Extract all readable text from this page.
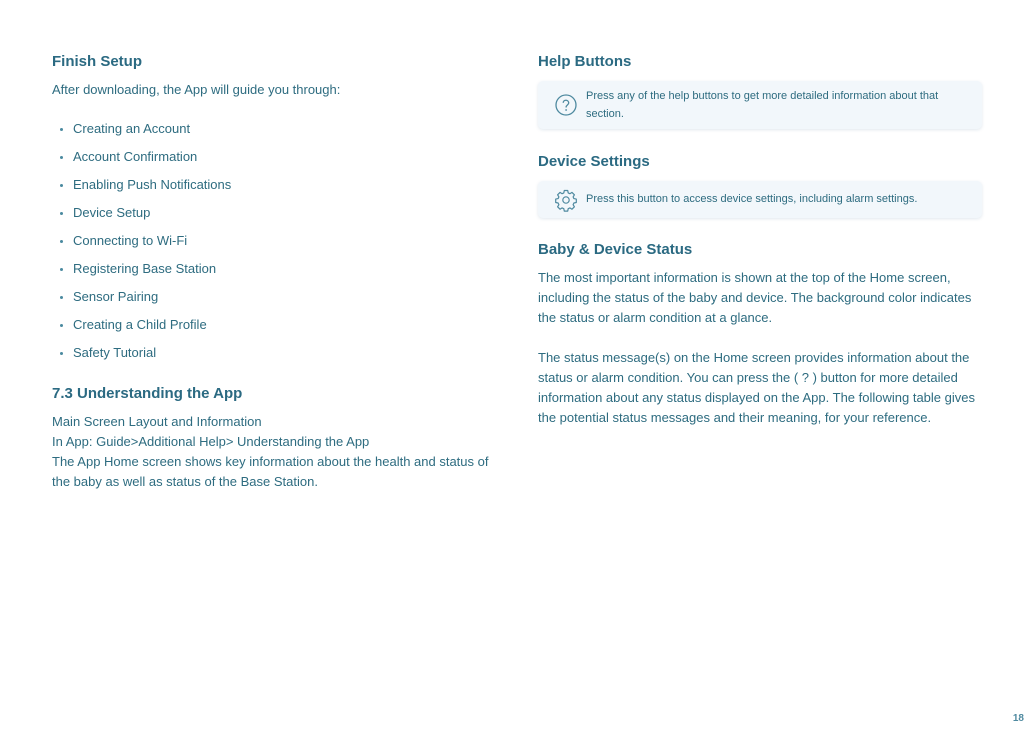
Finish Setup
After downloading, the App will guide you through:
Creating an Account
Account Confirmation
Enabling Push Notifications
Device Setup
Connecting to Wi-Fi
Registering Base Station
Sensor Pairing
Creating a Child Profile
Safety Tutorial
7.3 Understanding the App
Main Screen Layout and Information
In App: Guide>Additional Help> Understanding the App
The App Home screen shows key information about the health and status of the baby as well as status of the Base Station.
Help Buttons
Press any of the help buttons to get more detailed information about that section.
Device Settings
Press this button to access device settings, including alarm settings.
Baby & Device Status
The most important information is shown at the top of the Home screen, including the status of the baby and device. The background color indicates the status or alarm condition at a glance.
The status message(s) on the Home screen provides information about the status or alarm condition. You can press the ( ? ) button for more detailed information about any status displayed on the App. The following table gives the potential status messages and their meaning, for your reference.
18
